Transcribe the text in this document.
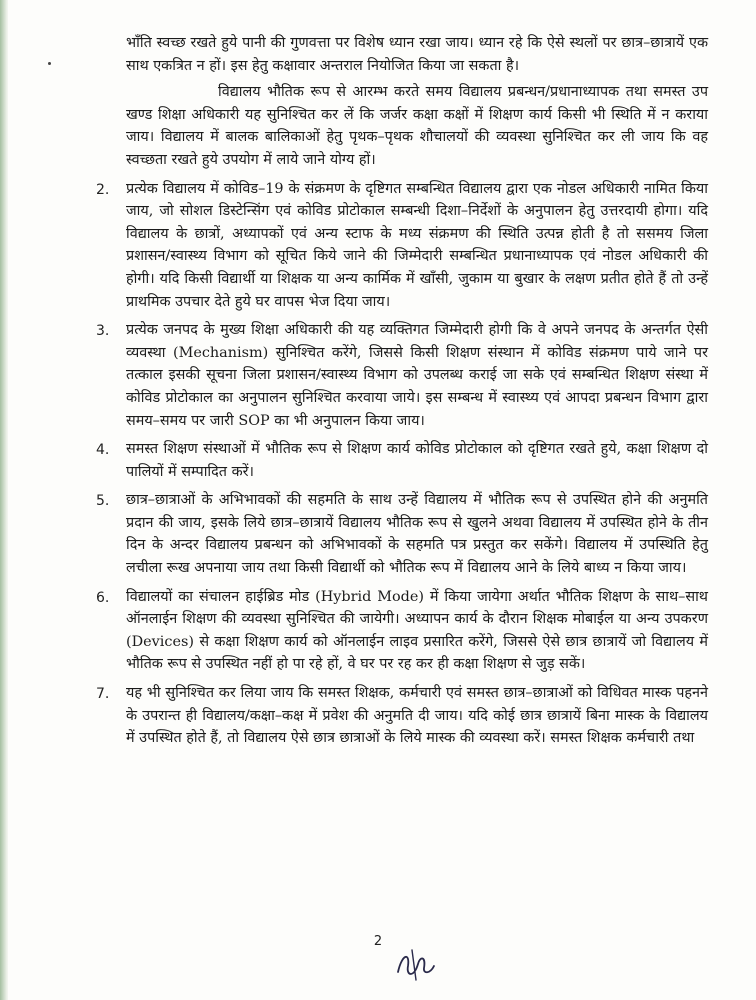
भाँति स्वच्छ रखते हुये पानी की गुणवत्ता पर विशेष ध्यान रखा जाय। ध्यान रहे कि ऐसे स्थलों पर छात्र–छात्रायें एक साथ एकत्रित न हों। इस हेतु कक्षावार अन्तराल नियोजित किया जा सकता है।

विद्यालय भौतिक रूप से आरम्भ करते समय विद्यालय प्रबन्धन/प्रधानाध्यापक तथा समस्त उप खण्ड शिक्षा अधिकारी यह सुनिश्चित कर लें कि जर्जर कक्षा कक्षों में शिक्षण कार्य किसी भी स्थिति में न कराया जाय। विद्यालय में बालक बालिकाओं हेतु पृथक–पृथक शौचालयों की व्यवस्था सुनिश्चित कर ली जाय कि वह स्वच्छता रखते हुये उपयोग में लाये जाने योग्य हों।

2. प्रत्येक विद्यालय में कोविड–19 के संक्रमण के दृष्टिगत सम्बन्धित विद्यालय द्वारा एक नोडल अधिकारी नामित किया जाय, जो सोशल डिस्टेन्सिंग एवं कोविड प्रोटोकाल सम्बन्धी दिशा–निर्देशों के अनुपालन हेतु उत्तरदायी होगा। यदि विद्यालय के छात्रों, अध्यापकों एवं अन्य स्टाफ के मध्य संक्रमण की स्थिति उत्पन्न होती है तो ससमय जिला प्रशासन/स्वास्थ्य विभाग को सूचित किये जाने की जिम्मेदारी सम्बन्धित प्रधानाध्यापक एवं नोडल अधिकारी की होगी। यदि किसी विद्यार्थी या शिक्षक या अन्य कार्मिक में खाँसी, जुकाम या बुखार के लक्षण प्रतीत होते हैं तो उन्हें प्राथमिक उपचार देते हुये घर वापस भेज दिया जाय।

3. प्रत्येक जनपद के मुख्य शिक्षा अधिकारी की यह व्यक्तिगत जिम्मेदारी होगी कि वे अपने जनपद के अन्तर्गत ऐसी व्यवस्था (Mechanism) सुनिश्चित करेंगे, जिससे किसी शिक्षण संस्थान में कोविड संक्रमण पाये जाने पर तत्काल इसकी सूचना जिला प्रशासन/स्वास्थ्य विभाग को उपलब्ध कराई जा सके एवं सम्बन्धित शिक्षण संस्था में कोविड प्रोटोकाल का अनुपालन सुनिश्चित करवाया जाये। इस सम्बन्ध में स्वास्थ्य एवं आपदा प्रबन्धन विभाग द्वारा समय–समय पर जारी SOP का भी अनुपालन किया जाय।

4. समस्त शिक्षण संस्थाओं में भौतिक रूप से शिक्षण कार्य कोविड प्रोटोकाल को दृष्टिगत रखते हुये, कक्षा शिक्षण दो पालियों में सम्पादित करें।

5. छात्र–छात्राओं के अभिभावकों की सहमति के साथ उन्हें विद्यालय में भौतिक रूप से उपस्थित होने की अनुमति प्रदान की जाय, इसके लिये छात्र–छात्रायें विद्यालय भौतिक रूप से खुलने अथवा विद्यालय में उपस्थित होने के तीन दिन के अन्दर विद्यालय प्रबन्धन को अभिभावकों के सहमति पत्र प्रस्तुत कर सकेंगे। विद्यालय में उपस्थिति हेतु लचीला रूख अपनाया जाय तथा किसी विद्यार्थी को भौतिक रूप में विद्यालय आने के लिये बाध्य न किया जाय।

6. विद्यालयों का संचालन हाईब्रिड मोड (Hybrid Mode) में किया जायेगा अर्थात भौतिक शिक्षण के साथ–साथ ऑनलाईन शिक्षण की व्यवस्था सुनिश्चित की जायेगी। अध्यापन कार्य के दौरान शिक्षक मोबाईल या अन्य उपकरण (Devices) से कक्षा शिक्षण कार्य को ऑनलाईन लाइव प्रसारित करेंगे, जिससे ऐसे छात्र छात्रायें जो विद्यालय में भौतिक रूप से उपस्थित नहीं हो पा रहे हों, वे घर पर रह कर ही कक्षा शिक्षण से जुड़ सकें।

7. यह भी सुनिश्चित कर लिया जाय कि समस्त शिक्षक, कर्मचारी एवं समस्त छात्र–छात्राओं को विधिवत मास्क पहनने के उपरान्त ही विद्यालय/कक्षा–कक्ष में प्रवेश की अनुमति दी जाय। यदि कोई छात्र छात्रायें बिना मास्क के विद्यालय में उपस्थित होते हैं, तो विद्यालय ऐसे छात्र छात्राओं के लिये मास्क की व्यवस्था करें। समस्त शिक्षक कर्मचारी तथा

2
